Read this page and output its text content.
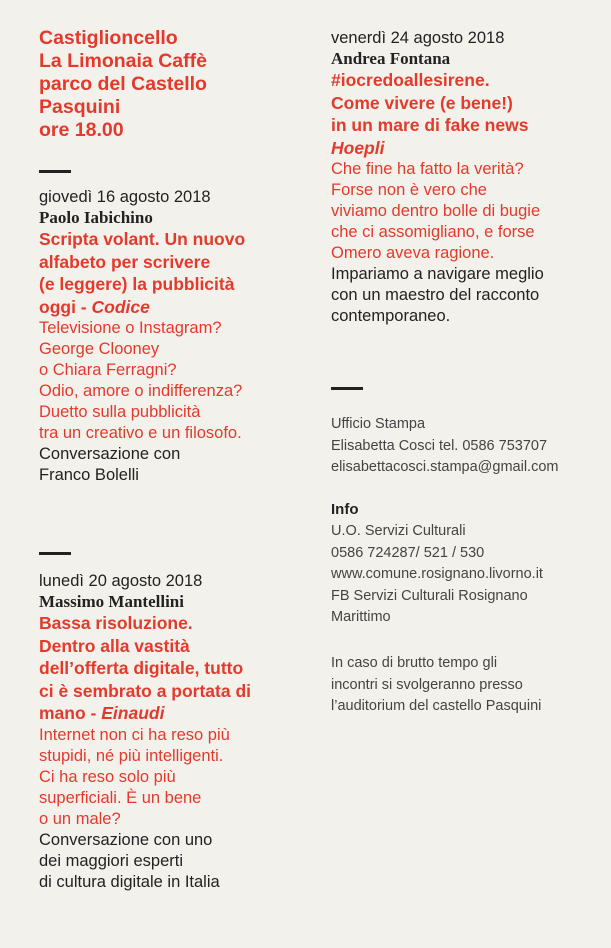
Castiglioncello
La Limonaia Caffè
parco del Castello
Pasquini
ore 18.00

giovedì 16 agosto 2018

Paolo Iabichino

Scripta volant. Un nuovo
alfabeto per scrivere
(e leggere) la pubblicità
oggi - Codice

Televisione o Instagram?
George Clooney
o Chiara Ferragni?
Odio, amore o indifferenza?
Duetto sulla pubblicità
tra un creativo e un filosofo.

Conversazione con
Franco Bolelli

lunedì 20 agosto 2018

Massimo Mantellini

Bassa risoluzione.
Dentro alla vastità
dell’offerta digitale, tutto
ci è sembrato a portata di
mano - Einaudi

Internet non ci ha reso più
stupidi, né più intelligenti.
Ci ha reso solo più
superficiali. È un bene
o un male?

Conversazione con uno
dei maggiori esperti
di cultura digitale in Italia

venerdì 24 agosto 2018

Andrea Fontana

#iocredoallesirene.
Come vivere (e bene!)
in un mare di fake news
Hoepli

Che fine ha fatto la verità?
Forse non è vero che
viviamo dentro bolle di bugie
che ci assomigliano, e forse
Omero aveva ragione.

Impariamo a navigare meglio
con un maestro del racconto
contemporaneo.

Ufficio Stampa
Elisabetta Cosci tel. 0586 753707
elisabettacosci.stampa@gmail.com

Info

U.O. Servizi Culturali
0586 724287/ 521 / 530
www.comune.rosignano.livorno.it
FB Servizi Culturali Rosignano
Marittimo

In caso di brutto tempo gli
incontri si svolgeranno presso
l’auditorium del castello Pasquini
